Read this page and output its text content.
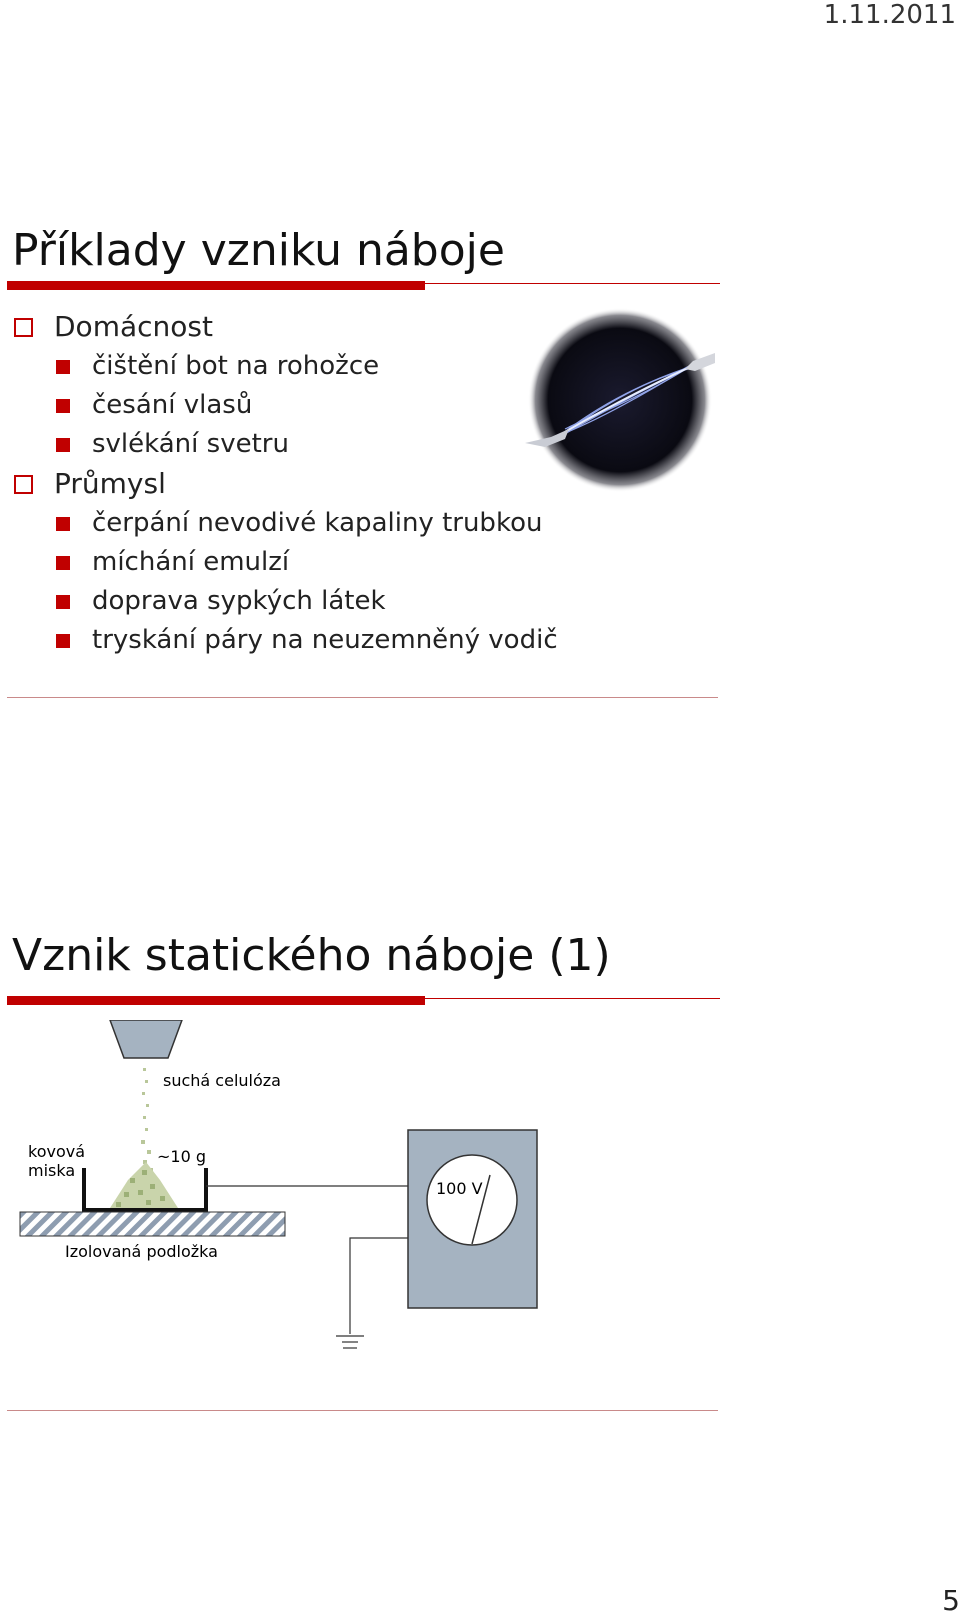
1.11.2011
Příklady vzniku náboje
Domácnost
čištění bot na rohožce
česání vlasů
svlékání svetru
Průmysl
čerpání nevodivé kapaliny trubkou
míchání emulzí
doprava sypkých látek
tryskání páry na neuzemněný vodič
Vznik statického náboje (1)
suchá celulóza
kovová
miska
~10 g
Izolovaná podložka
100 V
5
